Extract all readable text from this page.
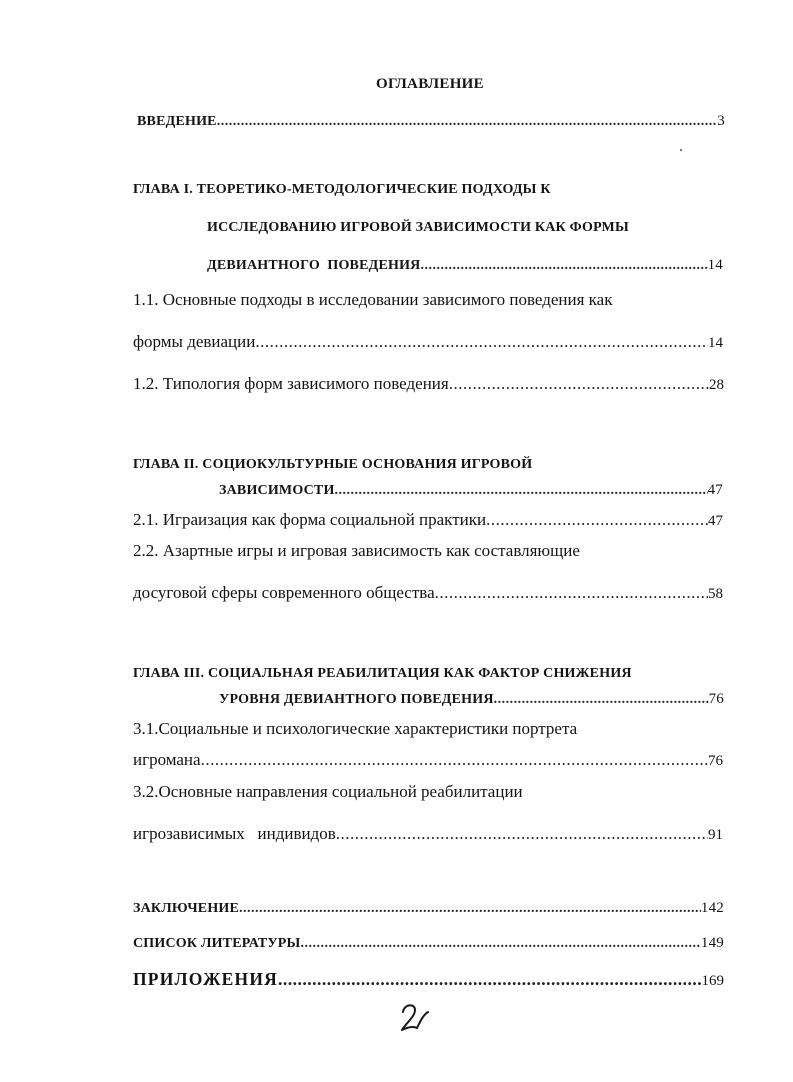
ОГЛАВЛЕНИЕ
ВВЕДЕНИЕ .....	3
ГЛАВА I. ТЕОРЕТИКО-МЕТОДОЛОГИЧЕСКИЕ ПОДХОДЫ К
ИССЛЕДОВАНИЮ ИГРОВОЙ ЗАВИСИМОСТИ КАК ФОРМЫ
ДЕВИАНТНОГО  ПОВЕДЕНИЯ .....	14
1.1. Основные подходы в исследовании зависимого поведения как
формы девиации .....	14
1.2. Типология форм зависимого поведения .....	28
ГЛАВА II. СОЦИОКУЛЬТУРНЫЕ ОСНОВАНИЯ ИГРОВОЙ
ЗАВИСИМОСТИ .....	47
2.1. Играизация как форма социальной практики .....	47
2.2. Азартные игры и игровая зависимость как составляющие
досуговой сферы современного общества .....	58
ГЛАВА III. СОЦИАЛЬНАЯ РЕАБИЛИТАЦИЯ КАК ФАКТОР СНИЖЕНИЯ
УРОВНЯ ДЕВИАНТНОГО ПОВЕДЕНИЯ .....	76
3.1.Социальные и психологические характеристики портрета
игромана .....	76
3.2.Основные направления социальной реабилитации
игрозависимых   индивидов .....	91
ЗАКЛЮЧЕНИЕ .....	142
СПИСОК ЛИТЕРАТУРЫ .....	149
ПРИЛОЖЕНИЯ .....	169
